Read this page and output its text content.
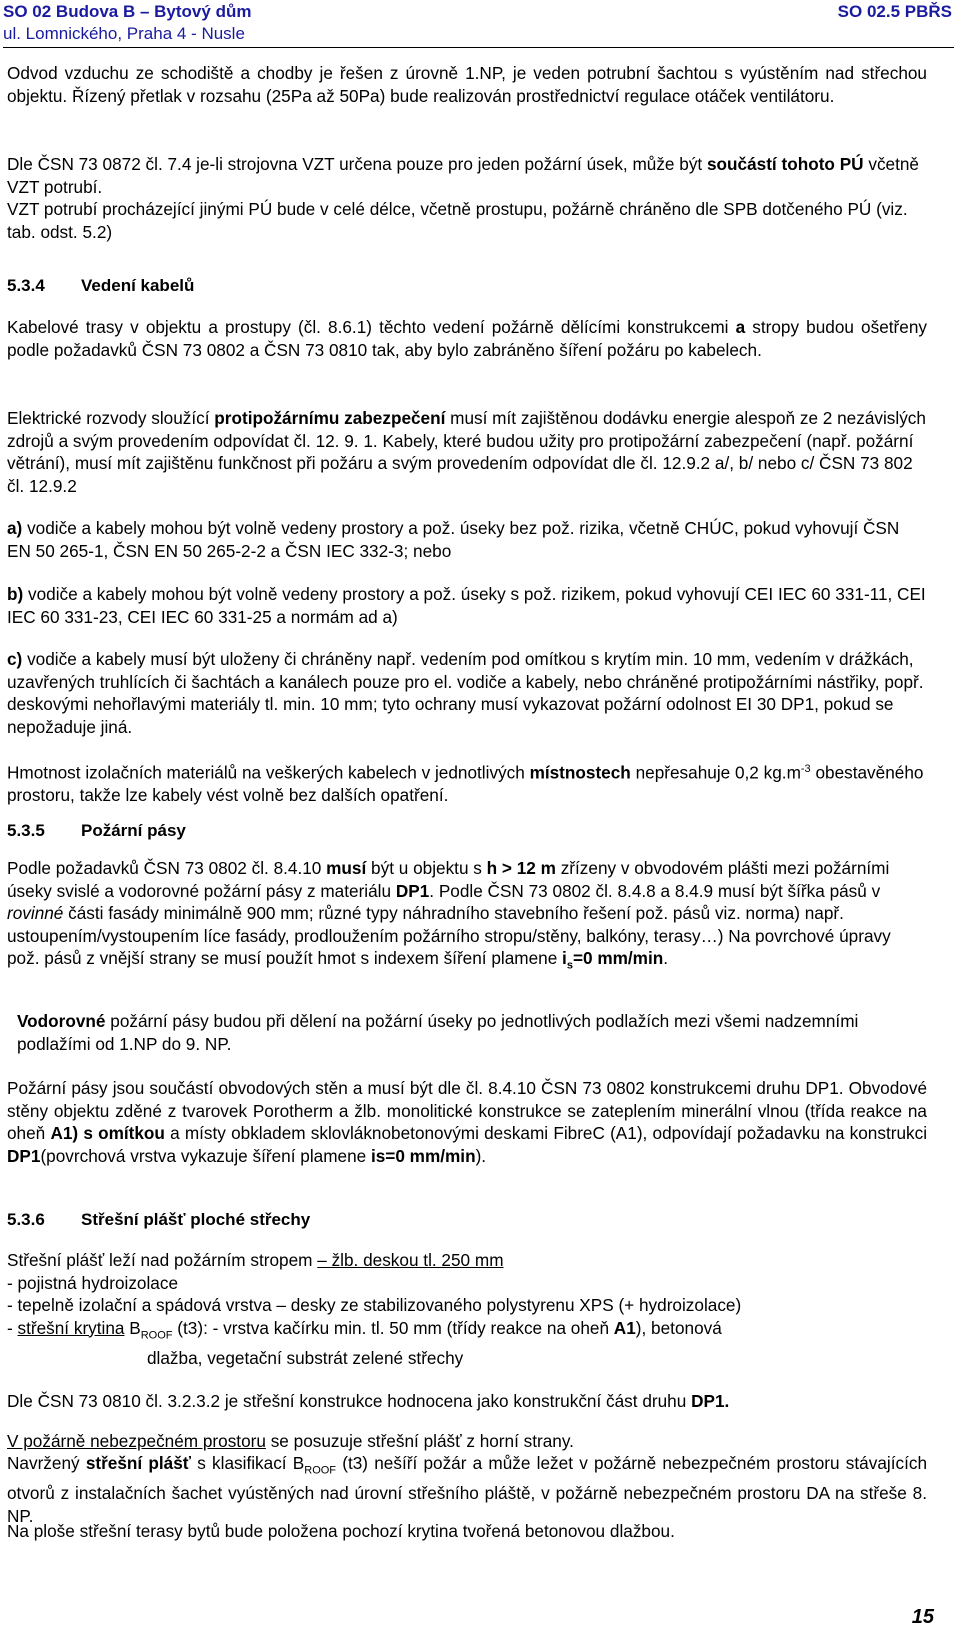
SO 02 Budova B – Bytový dům	SO 02.5 PBŘS
ul. Lomnického, Praha 4 - Nusle
Odvod vzduchu ze schodiště a chodby je řešen z úrovně 1.NP, je veden potrubní šachtou s vyústěním nad střechou objektu. Řízený přetlak v rozsahu (25Pa až 50Pa) bude realizován prostřednictví regulace otáček ventilátoru.
Dle ČSN 73 0872 čl. 7.4 je-li strojovna VZT určena pouze pro jeden požární úsek, může být součástí tohoto PÚ včetně VZT potrubí.
VZT potrubí procházející jinými PÚ bude v celé délce, včetně prostupu, požárně chráněno dle SPB dotčeného PÚ (viz. tab. odst. 5.2)
5.3.4 Vedení kabelů
Kabelové trasy v objektu a prostupy (čl. 8.6.1) těchto vedení požárně dělícími konstrukcemi a stropy budou ošetřeny podle požadavků ČSN 73 0802 a ČSN 73 0810 tak, aby bylo zabráněno šíření požáru po kabelech.
Elektrické rozvody sloužící protipožárnímu zabezpečení musí mít zajištěnou dodávku energie alespoň ze 2 nezávislých zdrojů a svým provedením odpovídat čl. 12. 9. 1. Kabely, které budou užity pro protipožární zabezpečení (např. požární větrání), musí mít zajištěnu funkčnost při požáru a svým provedením odpovídat dle čl. 12.9.2 a/, b/ nebo c/ ČSN 73 802 čl. 12.9.2
a) vodiče a kabely mohou být volně vedeny prostory a pož. úseky bez pož. rizika, včetně CHÚC, pokud vyhovují ČSN EN 50 265-1, ČSN EN 50 265-2-2 a ČSN IEC 332-3; nebo
b) vodiče a kabely mohou být volně vedeny prostory a pož. úseky s pož. rizikem, pokud vyhovují CEI IEC 60 331-11, CEI IEC 60 331-23, CEI IEC 60 331-25 a normám ad a)
c) vodiče a kabely musí být uloženy či chráněny např. vedením pod omítkou s krytím min. 10 mm, vedením v drážkách, uzavřených truhlících či šachtách a kanálech pouze pro el. vodiče a kabely, nebo chráněné protipožárními nástřiky, popř. deskovými nehořlavými materiály tl. min. 10 mm; tyto ochrany musí vykazovat požární odolnost EI 30 DP1, pokud se nepožaduje jiná.
Hmotnost izolačních materiálů na veškerých kabelech v jednotlivých místnostech nepřesahuje 0,2 $kg.m^{-3}$ obestavěného prostoru, takže lze kabely vést volně bez dalších opatření.
5.3.5 Požární pásy
Podle požadavků ČSN 73 0802 čl. 8.4.10 musí být u objektu s h > 12 m zřízeny v obvodovém plášti mezi požárními úseky svislé a vodorovné požární pásy z materiálu DP1. Podle ČSN 73 0802 čl. 8.4.8 a 8.4.9 musí být šířka pásů v rovinné části fasády minimálně 900 mm; různé typy náhradního stavebního řešení pož. pásů viz. norma) např. ustoupením/vystoupením líce fasády, prodloužením požárního stropu/stěny, balkóny, terasy…) Na povrchové úpravy pož. pásů z vnější strany se musí použít hmot s indexem šíření plamene $i_s=0$ mm/min.
Vodorovné požární pásy budou při dělení na požární úseky po jednotlivých podlažích mezi všemi nadzemními podlažími od 1.NP do 9. NP.
Požární pásy jsou součástí obvodových stěn a musí být dle čl. 8.4.10 ČSN 73 0802 konstrukcemi druhu DP1. Obvodové stěny objektu zděné z tvarovek Porotherm a žlb. monolitické konstrukce se zateplením minerální vlnou (třída reakce na oheň A1) s omítkou a místy obkladem sklovláknobetonovými deskami FibreC (A1), odpovídají požadavku na konstrukci DP1(povrchová vrstva vykazuje šíření plamene is=0 mm/min).
5.3.6 Střešní plášť ploché střechy
Střešní plášť leží nad požárním stropem – žlb. deskou tl. 250 mm
- pojistná hydroizolace
- tepelně izolační a spádová vrstva – desky ze stabilizovaného polystyrenu XPS (+ hydroizolace)
- střešní krytina $B_{ROOF}$ (t3): - vrstva kačírku min. tl. 50 mm (třídy reakce na oheň A1), betonová
dlažba, vegetační substrát zelené střechy
Dle ČSN 73 0810 čl. 3.2.3.2 je střešní konstrukce hodnocena jako konstrukční část druhu DP1.
V požárně nebezpečném prostoru se posuzuje střešní plášť z horní strany.
Navržený střešní plášť s klasifikací $B_{ROOF}$ (t3) nešíří požár a může ležet v požárně nebezpečném prostoru stávajících otvorů z instalačních šachet vyústěných nad úrovní střešního pláště, v požárně nebezpečném prostoru DA na střeše 8. NP.
Na ploše střešní terasy bytů bude položena pochozí krytina tvořená betonovou dlažbou.
15
